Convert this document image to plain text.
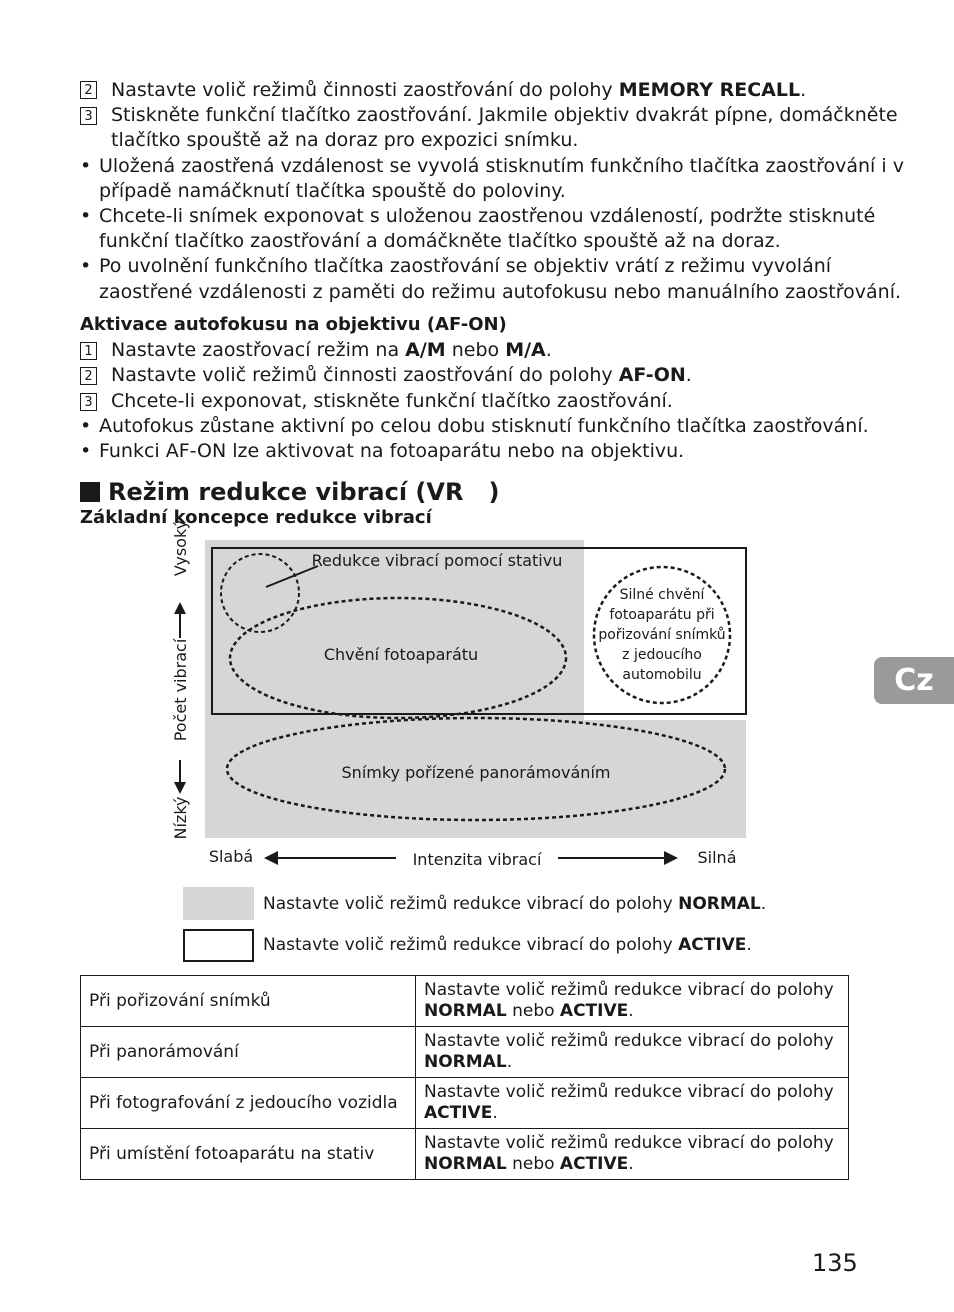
2 Nastavte volič režimů činnosti zaostřování do polohy MEMORY RECALL.
3 Stiskněte funkční tlačítko zaostřování. Jakmile objektiv dvakrát pípne, domáčkněte
tlačítko spouště až na doraz pro expozici snímku.
• Uložená zaostřená vzdálenost se vyvolá stisknutím funkčního tlačítka zaostřování i v
případě namáčknutí tlačítka spouště do poloviny.
• Chcete-li snímek exponovat s uloženou zaostřenou vzdáleností, podržte stisknuté
funkční tlačítko zaostřování a domáčkněte tlačítko spouště až na doraz.
• Po uvolnění funkčního tlačítka zaostřování se objektiv vrátí z režimu vyvolání
zaostřené vzdálenosti z paměti do režimu autofokusu nebo manuálního zaostřování.
Aktivace autofokusu na objektivu (AF-ON)
1 Nastavte zaostřovací režim na A/M nebo M/A.
2 Nastavte volič režimů činnosti zaostřování do polohy AF-ON.
3 Chcete-li exponovat, stiskněte funkční tlačítko zaostřování.
• Autofokus zůstane aktivní po celou dobu stisknutí funkčního tlačítka zaostřování.
• Funkci AF-ON lze aktivovat na fotoaparátu nebo na objektivu.
Režim redukce vibrací (VR   )
Základní koncepce redukce vibrací
Redukce vibrací pomocí stativu
Chvění fotoaparátu
Snímky pořízené panorámováním
Silné chvění
fotoaparátu při
pořizování snímků
z jedoucího
automobilu
Počet vibrací
Vysoký
Nízký
Slabá	Intenzita vibrací	Silná
Nastavte volič režimů redukce vibrací do polohy NORMAL.
Nastavte volič režimů redukce vibrací do polohy ACTIVE.
Při pořizování snímků	Nastavte volič režimů redukce vibrací do polohy
NORMAL nebo ACTIVE.
Při panorámování	Nastavte volič režimů redukce vibrací do polohy
NORMAL.
Při fotografování z jedoucího vozidla	Nastavte volič režimů redukce vibrací do polohy
ACTIVE.
Při umístění fotoaparátu na stativ	Nastavte volič režimů redukce vibrací do polohy
NORMAL nebo ACTIVE.
Cz
135
